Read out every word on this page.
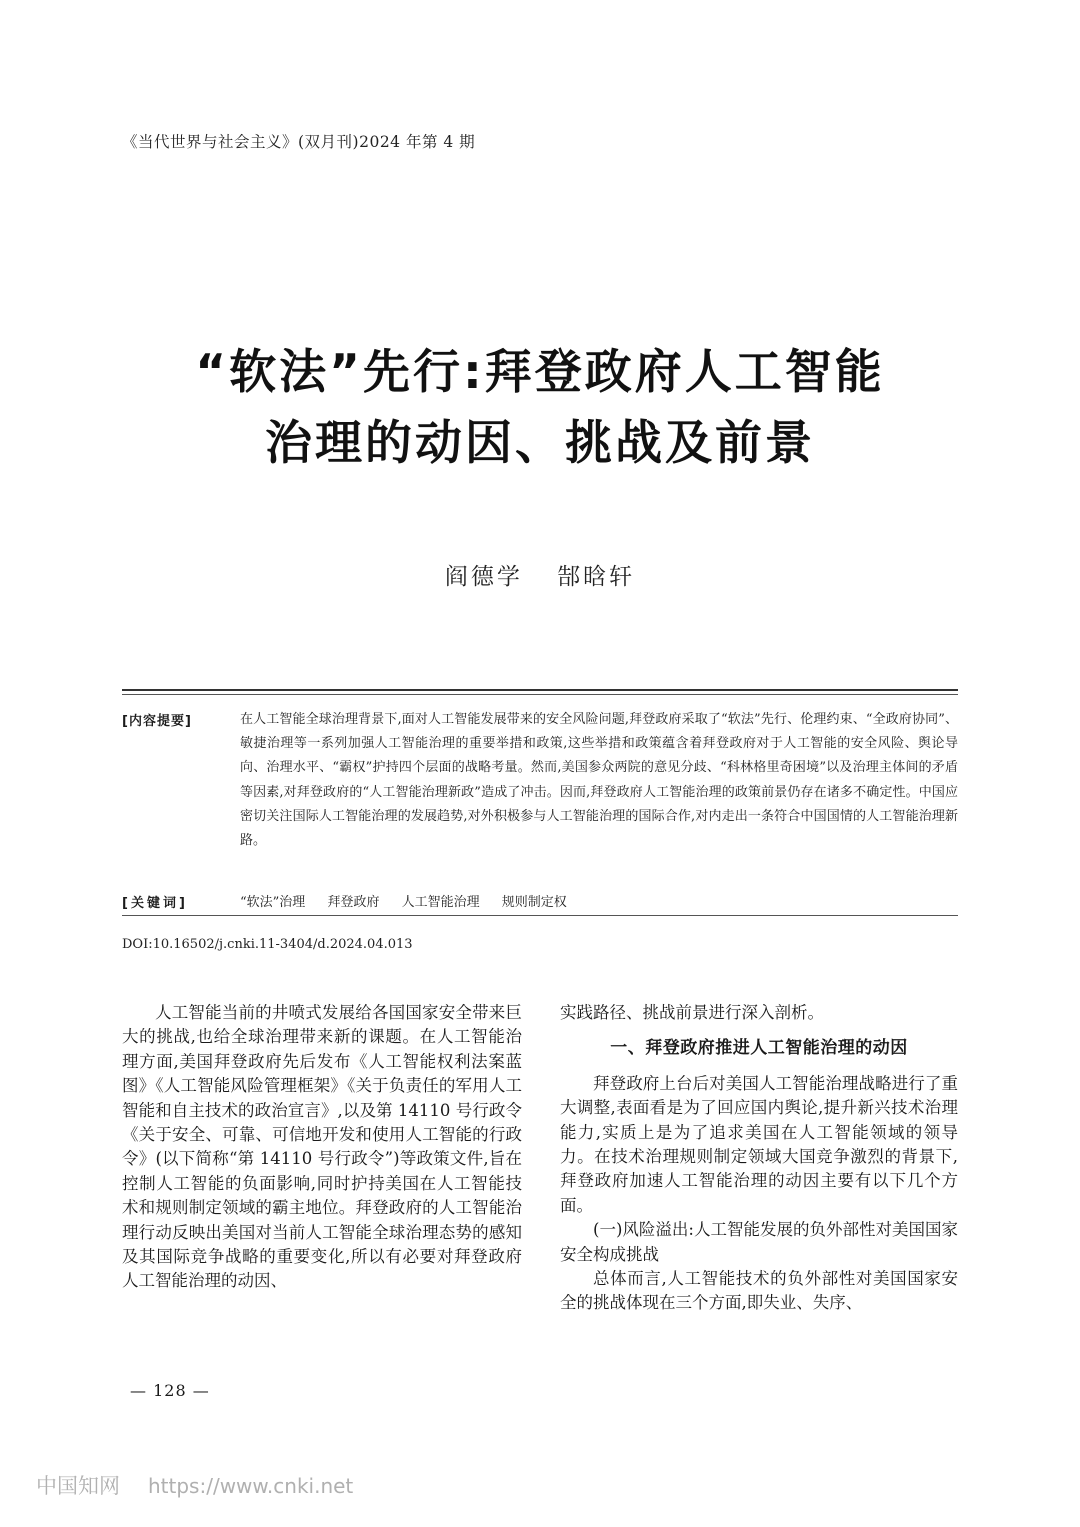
《当代世界与社会主义》(双月刊)2024 年第 4 期
“软法”先行:拜登政府人工智能
治理的动因、挑战及前景
阎德学 郜晗轩
[内容提要]	在人工智能全球治理背景下,面对人工智能发展带来的安全风险问题,拜登政府采取了“软法”先行、伦理约束、“全政府协同”、敏捷治理等一系列加强人工智能治理的重要举措和政策,这些举措和政策蕴含着拜登政府对于人工智能的安全风险、舆论导向、治理水平、“霸权”护持四个层面的战略考量。然而,美国参众两院的意见分歧、“科林格里奇困境”以及治理主体间的矛盾等因素,对拜登政府的“人工智能治理新政”造成了冲击。因而,拜登政府人工智能治理的政策前景仍存在诸多不确定性。中国应密切关注国际人工智能治理的发展趋势,对外积极参与人工智能治理的国际合作,对内走出一条符合中国国情的人工智能治理新路。
[关键词]	“软法”治理 拜登政府 人工智能治理 规则制定权
DOI:10.16502/j.cnki.11-3404/d.2024.04.013

人工智能当前的井喷式发展给各国国家安全带来巨大的挑战,也给全球治理带来新的课题。在人工智能治理方面,美国拜登政府先后发布《人工智能权利法案蓝图》《人工智能风险管理框架》《关于负责任的军用人工智能和自主技术的政治宣言》,以及第 14110 号行政令《关于安全、可靠、可信地开发和使用人工智能的行政令》(以下简称“第 14110 号行政令”)等政策文件,旨在控制人工智能的负面影响,同时护持美国在人工智能技术和规则制定领域的霸主地位。拜登政府的人工智能治理行动反映出美国对当前人工智能全球治理态势的感知及其国际竞争战略的重要变化,所以有必要对拜登政府人工智能治理的动因、

实践路径、挑战前景进行深入剖析。

一、拜登政府推进人工智能治理的动因

拜登政府上台后对美国人工智能治理战略进行了重大调整,表面看是为了回应国内舆论,提升新兴技术治理能力,实质上是为了追求美国在人工智能领域的领导力。在技术治理规则制定领域大国竞争激烈的背景下,拜登政府加速人工智能治理的动因主要有以下几个方面。

(一)风险溢出:人工智能发展的负外部性对美国国家安全构成挑战

总体而言,人工智能技术的负外部性对美国国家安全的挑战体现在三个方面,即失业、失序、

— 128 —
中国知网 https://www.cnki.net
